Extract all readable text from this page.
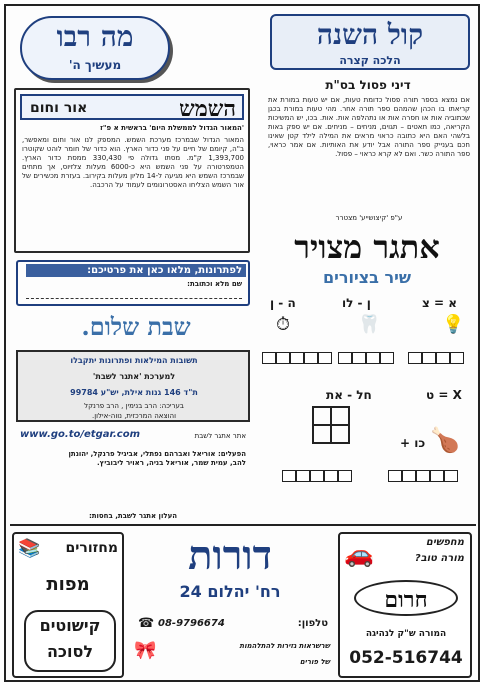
מה רבו
מעשיך ה'
השמש
אור וחום
'המאור הגדול לממשלת היום' בראשית א פ"ז
המאור הגדול שבמרכז מערכת השמש. המספק לנו אור וחום ומאפשר, ב"ה, קיומם של חיים על פני כדור הארץ. הוא כדור של חומר לוהט שקוטרו 1,393,700 ק"מ. מסתו גדולה פי 330,430 ממסת כדור הארץ. הטמפרטורה על פני השמש היא כ-6000 מעלות צלזיוס, אך מתחים שבמרכז השמש היא מגיעה ל-14 מליון מעלות בקירוב. בעזרת מכשירים של אור השמש הצליחו האסטרונומים לעמוד על הרכבה.
לפתרונות, מלאו כאן את פרטיכם:
שם מלא וכתובת:
שבת שלום.
תשובות המילאות ופתרונות יתקבלו
למערכת 'אתגר לשבת'
ת"ד 146 גנות אילת, יש"ע 99784
בעריכה: הרב בנימין , הרב פרנקל
והוצאה המרכזית, נווה-אילון.
www.go.to/etgar.com	אתר אתגר לשבת
הפעלים: אוריאל ואברהם נפתלי, אביגיל פרנקל, יהונתן להב, עמית שמר, אוריאל בניה, ראויר ליבוביץ.
קול השנה
הלכה קצרה
דיני פסול בס"ת
אם נמצא בספר תורה פסול כדומת טעות, אם יש טעות במורת את קריאתו בו הכהן שהמהם ספר תורה אחר. מהי טעות במורת בכגן שכתוביה אות או חסרה אות או נתהלפה אות. אות. בכו, יש המשיכות הקריאה, כמו תאטים – תגוים, מניחים – מניחים. אם יש ספק באות בלשהי האם היא כתובה כראוי מראים את המילה לילד קטן שאינו חכם בענייק ספר התורה אבל יודע את האותיות. אם אמר כראוי, ספר התורה כשר. ואם לא קרא כראוי – פסול.
ע"פ 'קיצושייע' מצטרר
אתגר מצויר
שיר בציורים
ה - ן	ן - לו	א = צ
⏱	🦷	💡
חל - את	X = ט
כו + 🍗
העלון אתגר לשבת, בחסות:
📚 מחזורים
מפות
קישוטים
לסוכה
דורות
רח' יהלום 24
☎ 08-9796674	טלפון:
🎀	שרשראות גזירות להתלהמות
של פורים
מחפשים
מורה טוב?
🚗
חרום
המורה ש"ק לנהיגה
052-516744
